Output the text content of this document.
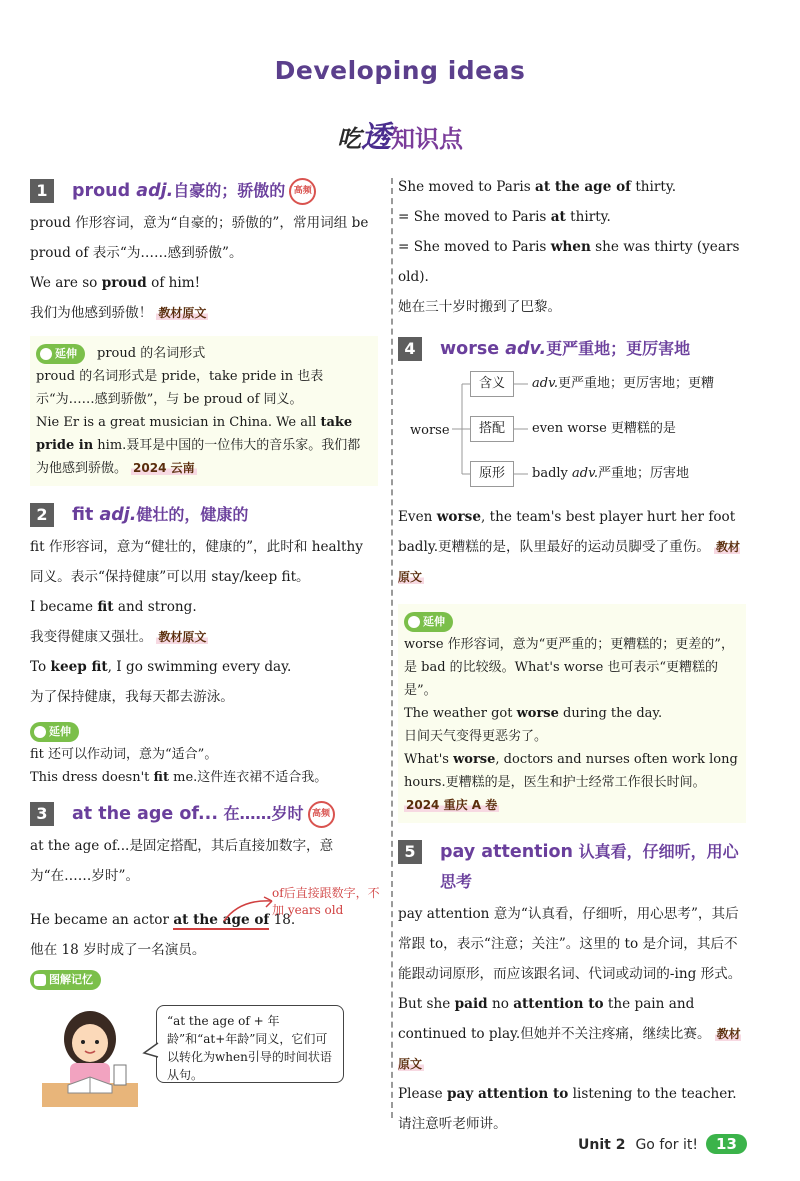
Developing ideas
吃透知识点
1	proud adj.自豪的；骄傲的 高频

proud 作形容词，意为“自豪的；骄傲的”，常用词组 be proud of 表示“为……感到骄傲”。

We are so proud of him!

我们为他感到骄傲！ 教材原文

延伸 proud 的名词形式

proud 的名词形式是 pride，take pride in 也表示“为……感到骄傲”，与 be proud of 同义。

Nie Er is a great musician in China. We all take pride in him.聂耳是中国的一位伟大的音乐家。我们都为他感到骄傲。 2024 云南

2	fit adj.健壮的，健康的

fit 作形容词，意为“健壮的，健康的”，此时和 healthy 同义。表示“保持健康”可以用 stay/keep fit。

I became fit and strong.

我变得健康又强壮。 教材原文

To keep fit, I go swimming every day.

为了保持健康，我每天都去游泳。

延伸

fit 还可以作动词，意为“适合”。

This dress doesn't fit me.这件连衣裙不适合我。

3	at the age of... 在……岁时 高频

at the age of...是固定搭配，其后直接加数字，意为“在……岁时”。

of后直接跟数字，不加 years old

He became an actor at the age of 18.

他在 18 岁时成了一名演员。

图解记忆

“at the age of + 年龄”和“at+年龄”同义，它们可以转化为when引导的时间状语从句。

She moved to Paris at the age of thirty.

= She moved to Paris at thirty.

= She moved to Paris when she was thirty (years old).

她在三十岁时搬到了巴黎。

4	worse adv.更严重地；更厉害地
worse
含义	adv.更严重地；更厉害地；更糟
搭配	even worse 更糟糕的是
原形	badly adv.严重地；厉害地

Even worse, the team's best player hurt her foot badly.更糟糕的是，队里最好的运动员脚受了重伤。 教材原文

延伸

worse 作形容词，意为“更严重的；更糟糕的；更差的”，是 bad 的比较级。What's worse 也可表示“更糟糕的是”。

The weather got worse during the day.

日间天气变得更恶劣了。

What's worse, doctors and nurses often work long hours.更糟糕的是，医生和护士经常工作很长时间。

2024 重庆 A 卷

5	pay attention 认真看，仔细听，用心思考

pay attention 意为“认真看，仔细听，用心思考”，其后常跟 to，表示“注意；关注”。这里的 to 是介词，其后不能跟动词原形，而应该跟名词、代词或动词的-ing 形式。

But she paid no attention to the pain and continued to play.但她并不关注疼痛，继续比赛。 教材原文

Please pay attention to listening to the teacher.

请注意听老师讲。

Unit 2 Go for it! 13
